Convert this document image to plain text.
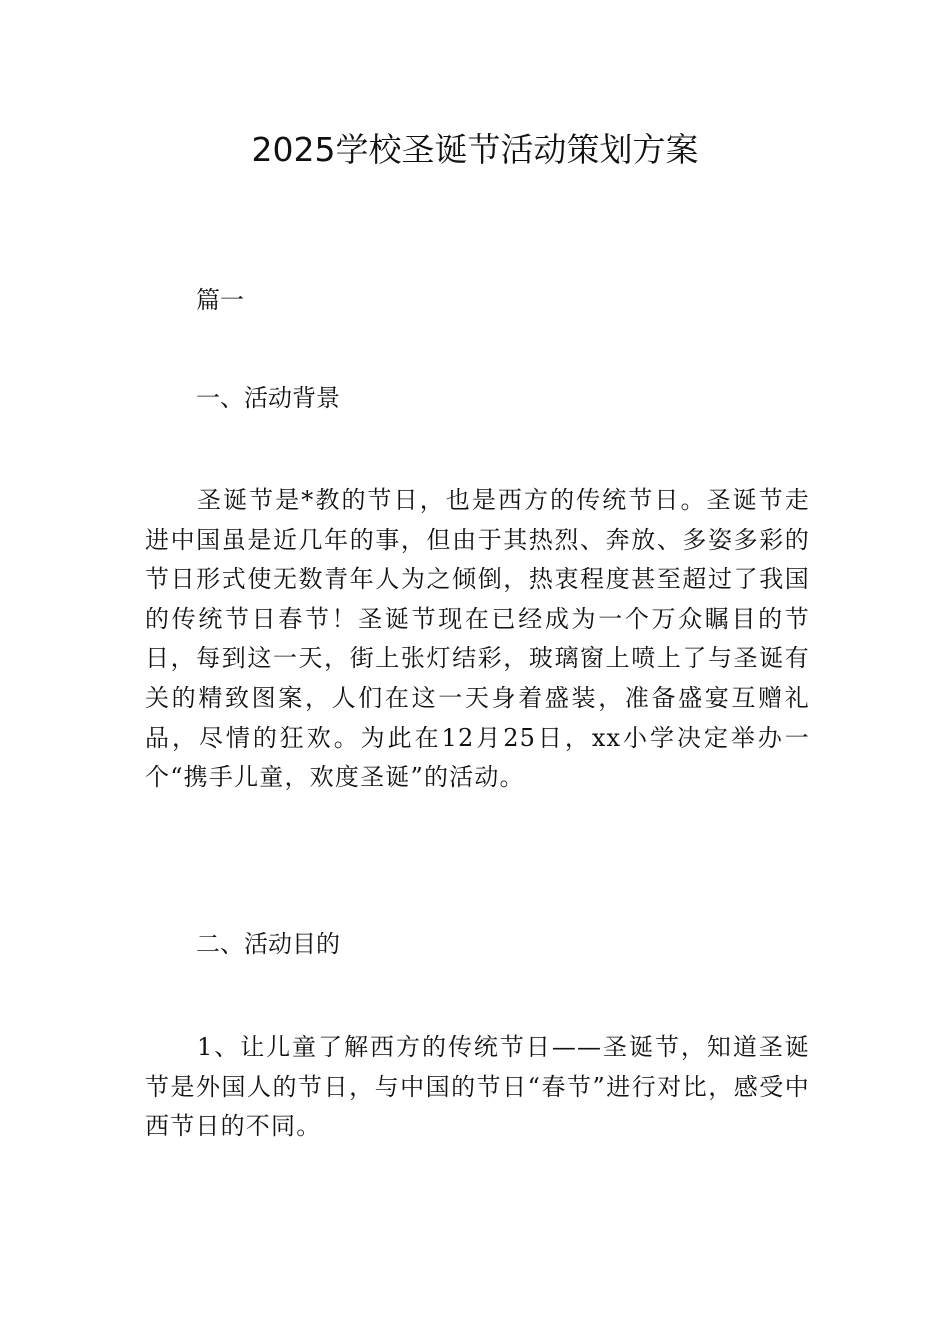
2025学校圣诞节活动策划方案
篇一
一、活动背景
圣诞节是*教的节日，也是西方的传统节日。圣诞节走进中国虽是近几年的事，但由于其热烈、奔放、多姿多彩的节日形式使无数青年人为之倾倒，热衷程度甚至超过了我国的传统节日春节！圣诞节现在已经成为一个万众瞩目的节日，每到这一天，街上张灯结彩，玻璃窗上喷上了与圣诞有关的精致图案，人们在这一天身着盛装，准备盛宴互赠礼品，尽情的狂欢。为此在12月25日，xx小学决定举办一个“携手儿童，欢度圣诞”的活动。
二、活动目的
1、让儿童了解西方的传统节日——圣诞节，知道圣诞节是外国人的节日，与中国的节日“春节”进行对比，感受中西节日的不同。
